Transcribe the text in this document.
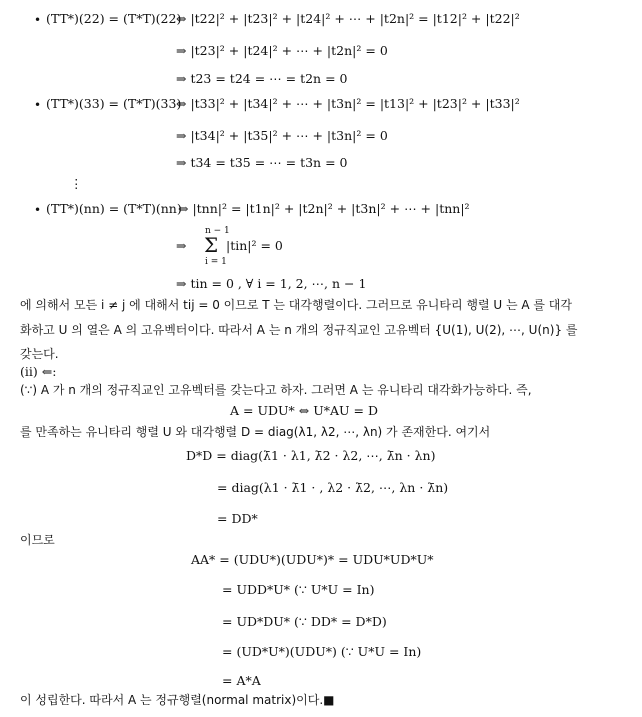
• (TT*)(22) = (T*T)(22)
⇔ |t22|² + |t23|² + |t24|² + ⋯ + |t2n|² = |t12|² + |t22|²
⇒ |t23|² + |t24|² + ⋯ + |t2n|² = 0
⇒ t23 = t24 = ⋯ = t2n = 0
• (TT*)(33) = (T*T)(33)
⇔ |t33|² + |t34|² + ⋯ + |t3n|² = |t13|² + |t23|² + |t33|²
⇒ |t34|² + |t35|² + ⋯ + |t3n|² = 0
⇒ t34 = t35 = ⋯ = t3n = 0
⋮
• (TT*)(nn) = (T*T)(nn)
⇔ |tnn|² = |t1n|² + |t2n|² + |t3n|² + ⋯ + |tnn|²
⇒
n − 1
Σ
i = 1
|tin|² = 0
⇒ tin = 0 , ∀ i = 1, 2, ⋯, n − 1
에 의해서 모든 i ≠ j 에 대해서 tij = 0 이므로 T 는 대각행렬이다. 그러므로 유니타리 행렬 U 는 A 를 대각
화하고 U 의 열은 A 의 고유벡터이다. 따라서 A 는 n 개의 정규직교인 고유벡터 {U(1), U(2), ⋯, U(n)} 를
갖는다.
(ii) ⇐:
(∵) A 가 n 개의 정규직교인 고유벡터를 갖는다고 하자. 그러면 A 는 유니타리 대각화가능하다. 즉,
A = UDU* ⇔ U*AU = D
를 만족하는 유니타리 행렬 U 와 대각행렬 D = diag(λ1, λ2, ⋯, λn) 가 존재한다. 여기서
D*D = diag(λ̄1 · λ1, λ̄2 · λ2, ⋯, λ̄n · λn)
= diag(λ1 · λ̄1 · , λ2 · λ̄2, ⋯, λn · λ̄n)
= DD*
이므로
AA* = (UDU*)(UDU*)* = UDU*UD*U*
= UDD*U* (∵ U*U = In)
= UD*DU* (∵ DD* = D*D)
= (UD*U*)(UDU*) (∵ U*U = In)
= A*A
이 성립한다. 따라서 A 는 정규행렬(normal matrix)이다.■
